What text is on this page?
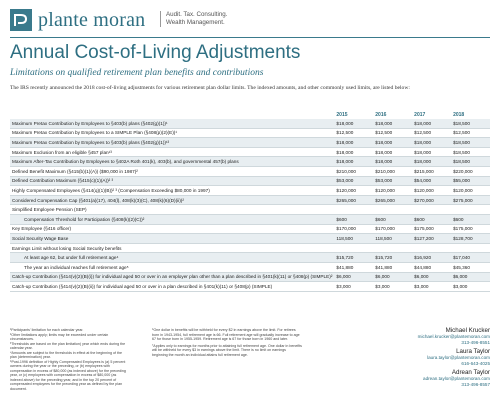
plante moran	Audit. Tax. Consulting.
Wealth Management.
Annual Cost-of-Living Adjustments
Limitations on qualified retirement plan benefits and contributions
The IRS recently announced the 2018 cost-of-living adjustments for various retirement plan dollar limits. The indexed amounts, and other commonly used limits, are listed below:
	2015	2016	2017	2018
Maximum Pretax Contribution by Employees to §403(b) plans (§402(g)(1))¹	$18,000	$18,000	$18,000	$18,500
Maximum Pretax Contribution by Employees to a SIMPLE Plan (§408(p)(2)(E))¹	$12,500	$12,500	$12,500	$12,500
Maximum Pretax Contribution by Employees to §403(b) plans (§402(g)(1))¹³	$18,000	$18,000	$18,000	$18,500
Maximum Exclusion from an eligible §457 plan¹³	$18,000	$18,000	$18,000	$18,500
Maximum After-Tax Contribution by Employees to §402A Roth 401(k), 403(b), and governmental 457(b) plans	$18,000	$18,000	$18,000	$18,500
Defined Benefit Maximum (§415(b)(1)(A)) ($90,000 in 1987)²	$210,000	$210,000	$215,000	$220,000
Defined Contribution Maximum (§415(c)(1)(A))² ³	$53,000	$53,000	$54,000	$55,000
Highly Compensated Employees (§414(q)(1)(B))² ³ (Compensation Exceeding $80,000 in 1997)	$120,000	$120,000	$120,000	$120,000
Considered Compensation Cap (§401(a)(17), 404(l), 408(k)(3)(C), 408(k)(6)(D)(ii))²	$265,000	$265,000	$270,000	$275,000
Simplified Employee Pension (SEP)				
Compensation Threshold for Participation (§408(k)(2)(C))²	$600	$600	$600	$600
Key Employee (§416 officer)	$170,000	$170,000	$175,000	$175,000
Social Security Wage Base	118,500	118,500	$127,200	$128,700
Earnings Limit without losing Social Security benefits				
At least age 62, but under full retirement age⁴	$15,720	$15,720	$16,920	$17,040
The year an individual reaches full retirement age⁵	$41,880	$41,880	$44,880	$45,360
Catch-up Contribution (§414(v)(2)(B)(i)) for individual aged 50 or over in an employer plan other than a plan described in §401(k)(11) or §408(p) (SIMPLE)²	$6,000	$6,000	$6,000	$6,000
Catch-up Contribution (§414(v)(2)(B)(ii)) for individual aged 50 or over in a plan described in §401(k)(11) or §408(p) (SIMPLE)	$3,000	$3,000	$3,000	$3,000
¹Participants' limitation for each calendar year.
²Other limitations apply; limits may be exceeded under certain circumstances.
³Thresholds are based on the plan limitation) year which ends during the calendar year.
⁴Amounts are subject to the thresholds in effect at the beginning of the plan (determination) year.
⁵Post-1996 definition of Highly Compensated Employees is (a) 5 percent owners during the year or the preceding, or (b) employees with compensation in excess of $80,000 (as indexed above) for the preceding year, or (c) employees with compensation in excess of $80,000 (as indexed above) for the preceding year, and in the top 20 percent of compensated employees for the preceding year as defined by the plan document.
⁶One dollar in benefits will be withheld for every $2 in earnings above the limit. For retirees born in 1943-1954, full retirement age is 66. Full retirement age will gradually increase to age 67 for those born in 1955-1959. Retirement age is 67 for those born in 1960 and later.
⁷Applies only to earnings for months prior to attaining full retirement age. One dollar in benefits will be withheld for every $3 in earnings above the limit. There is no limit on earnings beginning the month an individual attains full retirement age.
Michael Krucker
michael.krucker@plantemoran.com
313-496-8551
Laura Taylor
laura.taylor@plantemoran.com
616-643-4025
Adrean Taylor
adrean.taylor@plantemoran.com
313-496-8557
